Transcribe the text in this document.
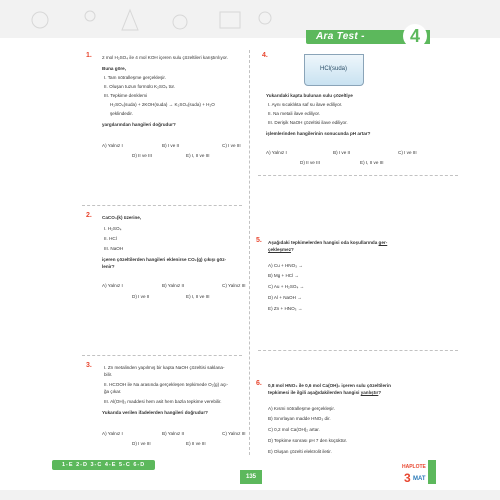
Ara Test -	4
1. 2 mol H₂SO₄ ile 4 mol KOH içeren sulu çözeltileri karıştırılıyor.
Buna göre,
I. Tam nötralleşme gerçekleşir.
II. Oluşan tuzun formülü K₂SO₄ tür.
III. Tepkime denklemi
H₂SO₄(suda) + 2KOH(suda) → K₂SO₄(suda) + H₂O
şeklindedir.
yargılarından hangileri doğrudur?
A) Yalnız I	B) I ve II	C) I ve III
D) II ve III	E) I, II ve III
2. CaCO₃(k) üzerine,
I. H₂SO₄
II. HCl
III. NaOH
içeren çözeltilerden hangileri eklenirse CO₂(g) çıkışı göz-
lenir?
A) Yalnız I	B) Yalnız II	C) Yalnız III
D) I ve II	E) I, II ve III
3.	I. Zn metalinden yapılmış bir kapta NaOH çözeltisi saklana-
bilir.
II. HCOOH ile Na arasında gerçekleşen tepkimede O₂(g) açı-
ğa çıkar.
III. Al(OH)₃ maddesi hem asit hem bazla tepkime verebilir.
Yukarıda verilen ifadelerden hangileri doğrudur?
A) Yalnız I	B) Yalnız II	C) Yalnız III
D) I ve III	E) II ve III
4.
HCl(suda)
Yukarıdaki kapta bulunan sulu çözeltiye
I. Aynı sıcaklıkta saf su ilave ediliyor.
II. Na metali ilave ediliyor.
III. Derişik NaOH çözeltisi ilave ediliyor.
işlemlerinden hangilerinin sonucunda pH artar?
A) Yalnız I	B) I ve II	C) I ve III
D) II ve III	E) I, II ve III
5. Aşağıdaki tepkimelerden hangisi oda koşullarında ger-
çekleşmez?
A) Cu + HNO₃ →
B) Mg + HCl →
C) Au + H₂SO₄ →
D) Al + NaOH →
E) Zn + HNO₃ →
6. 0,8 mol HNO₃ ile 0,6 mol Ca(OH)₂ içeren sulu çözeltilerin
tepkimesi ile ilgili aşağıdakilerden hangisi yanlıştır?
A) Kısmi nötralleşme gerçekleşir.
B) Sınırlayan madde HNO₃ dir.
C) 0,2 mol Ca(OH)₂ artar.
D) Tepkime sonrası pH 7 den küçüktür.
E) Oluşan çözelti elektrolit iletir.
1-E 2-D 3-C 4-E 5-C 6-D
135
HAPLOTE
3 MAT
